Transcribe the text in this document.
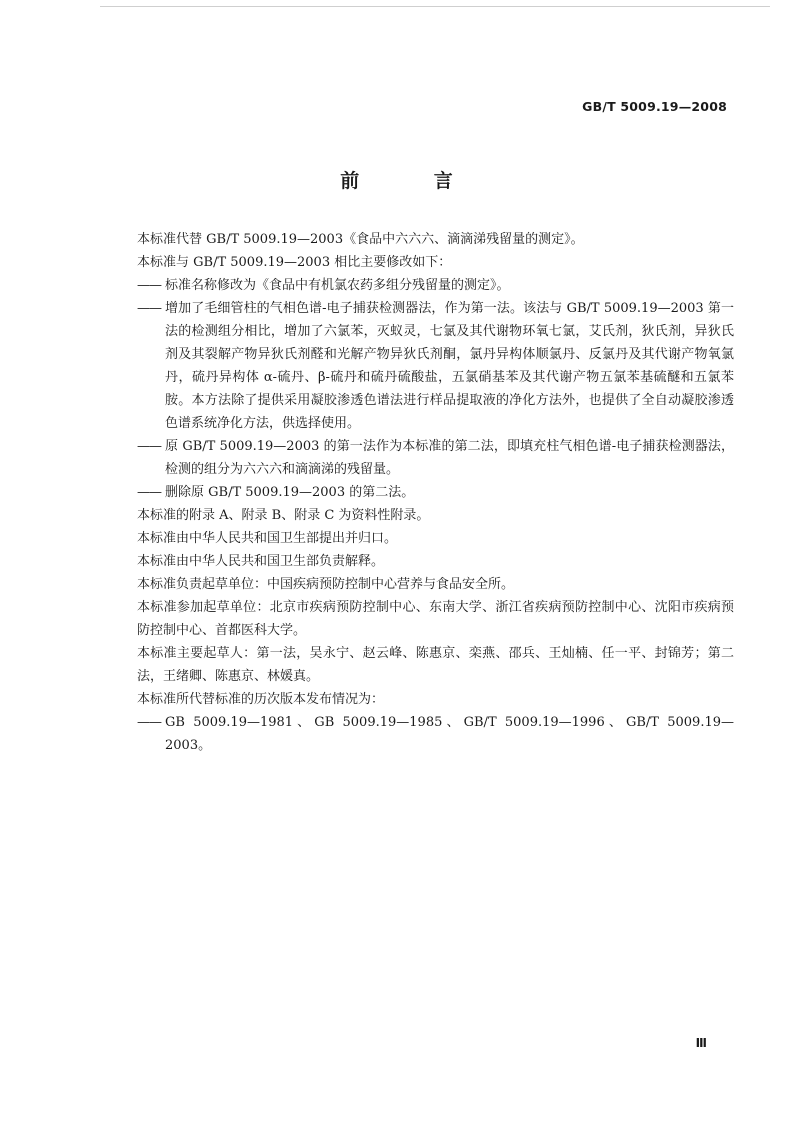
GB/T 5009.19—2008
前 言

本标准代替 GB/T 5009.19—2003《食品中六六六、滴滴涕残留量的测定》。

本标准与 GB/T 5009.19—2003 相比主要修改如下：

—— 标准名称修改为《食品中有机氯农药多组分残留量的测定》。

—— 增加了毛细管柱的气相色谱-电子捕获检测器法，作为第一法。该法与 GB/T 5009.19—2003 第一法的检测组分相比，增加了六氯苯，灭蚁灵，七氯及其代谢物环氧七氯，艾氏剂，狄氏剂，异狄氏剂及其裂解产物异狄氏剂醛和光解产物异狄氏剂酮，氯丹异构体顺氯丹、反氯丹及其代谢产物氧氯丹，硫丹异构体 α-硫丹、β-硫丹和硫丹硫酸盐，五氯硝基苯及其代谢产物五氯苯基硫醚和五氯苯胺。本方法除了提供采用凝胶渗透色谱法进行样品提取液的净化方法外，也提供了全自动凝胶渗透色谱系统净化方法，供选择使用。

—— 原 GB/T 5009.19—2003 的第一法作为本标准的第二法，即填充柱气相色谱-电子捕获检测器法，检测的组分为六六六和滴滴涕的残留量。

—— 删除原 GB/T 5009.19—2003 的第二法。

本标准的附录 A、附录 B、附录 C 为资料性附录。

本标准由中华人民共和国卫生部提出并归口。

本标准由中华人民共和国卫生部负责解释。

本标准负责起草单位：中国疾病预防控制中心营养与食品安全所。

本标准参加起草单位：北京市疾病预防控制中心、东南大学、浙江省疾病预防控制中心、沈阳市疾病预防控制中心、首都医科大学。

本标准主要起草人：第一法，吴永宁、赵云峰、陈惠京、栾燕、邵兵、王灿楠、任一平、封锦芳；第二法，王绪卿、陈惠京、林媛真。

本标准所代替标准的历次版本发布情况为：

—— GB 5009.19—1981、GB 5009.19—1985、GB/T 5009.19—1996、GB/T 5009.19—2003。

Ⅲ
